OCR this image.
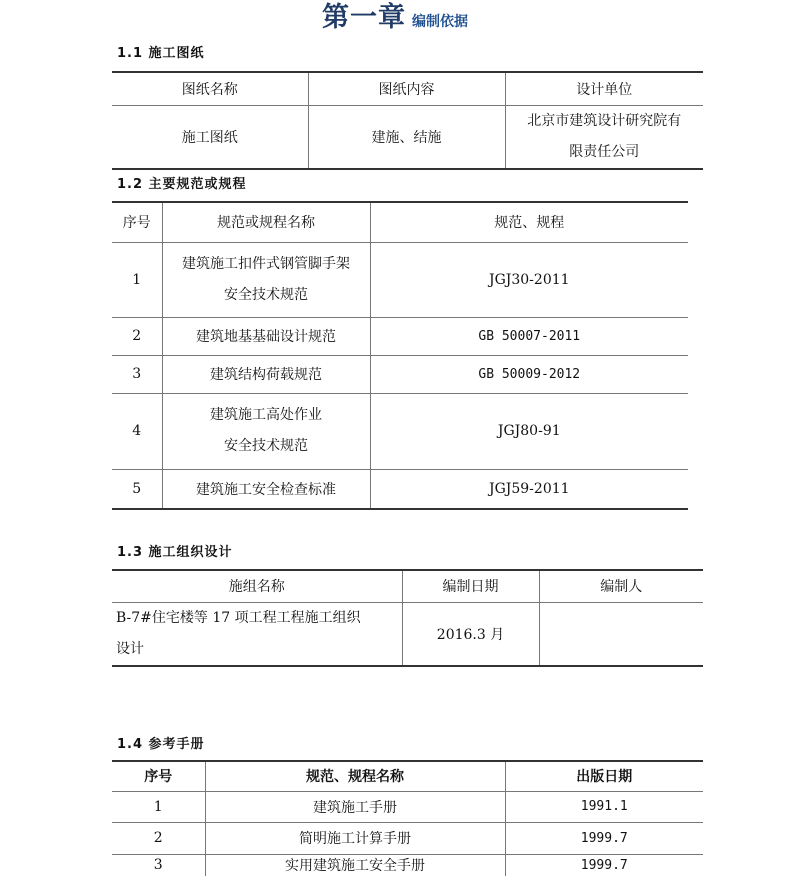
第一章 编制依据
1.1 施工图纸
图纸名称	图纸内容	设计单位
施工图纸	建施、结施	北京市建筑设计研究院有
限责任公司
1.2 主要规范或规程
序号	规范或规程名称	规范、规程
1	建筑施工扣件式钢管脚手架
安全技术规范	JGJ30-2011
2	建筑地基基础设计规范	GB 50007-2011
3	建筑结构荷载规范	GB 50009-2012
4	建筑施工高处作业
安全技术规范	JGJ80-91
5	建筑施工安全检查标准	JGJ59-2011
1.3 施工组织设计
施组名称	编制日期	编制人

B-7#住宅楼等 17 项工程工程施工组织
设计	2016.3 月	
1.4 参考手册
序号	规范、规程名称	出版日期
1	建筑施工手册	1991.1
2	简明施工计算手册	1999.7
3	实用建筑施工安全手册	1999.7
